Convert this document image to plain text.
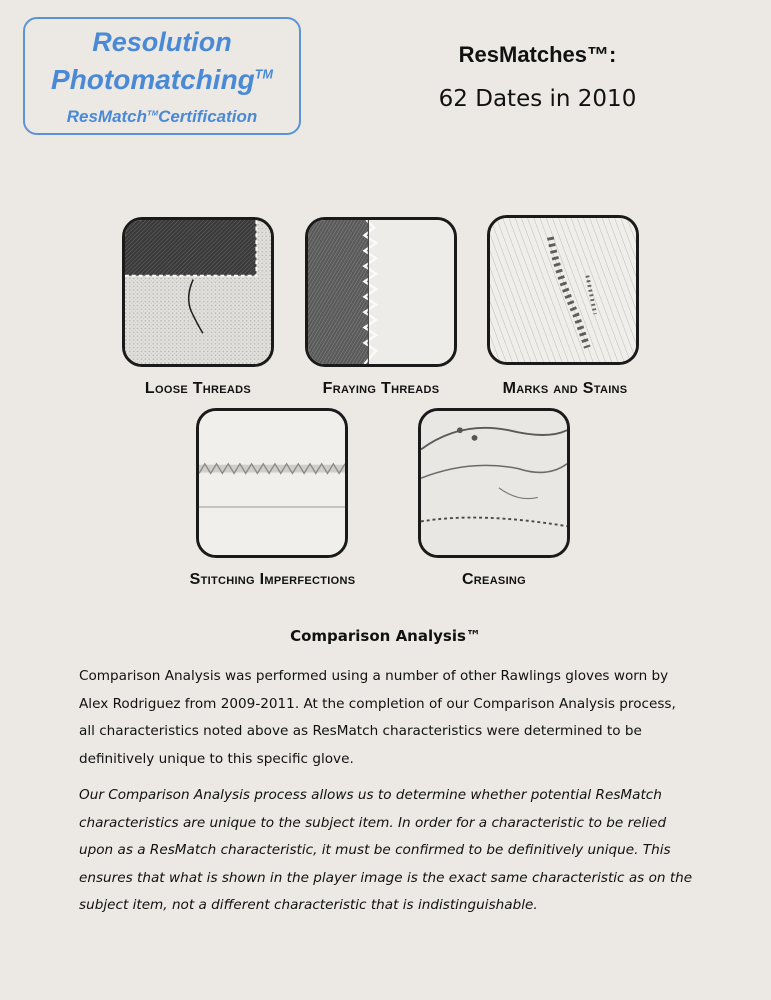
Resolution
Photomatching™
ResMatch™Certification
ResMatches™:
62 Dates in 2010
Loose Threads	Fraying Threads	Marks and Stains
Stitching Imperfections	Creasing
Comparison Analysis™
Comparison Analysis was performed using a number of other Rawlings gloves worn by Alex Rodriguez from 2009-2011. At the completion of our Comparison Analysis process, all characteristics noted above as ResMatch characteristics were determined to be definitively unique to this specific glove.
Our Comparison Analysis process allows us to determine whether potential ResMatch characteristics are unique to the subject item. In order for a characteristic to be relied upon as a ResMatch characteristic, it must be confirmed to be definitively unique. This ensures that what is shown in the player image is the exact same characteristic as on the subject item, not a different characteristic that is indistinguishable.
